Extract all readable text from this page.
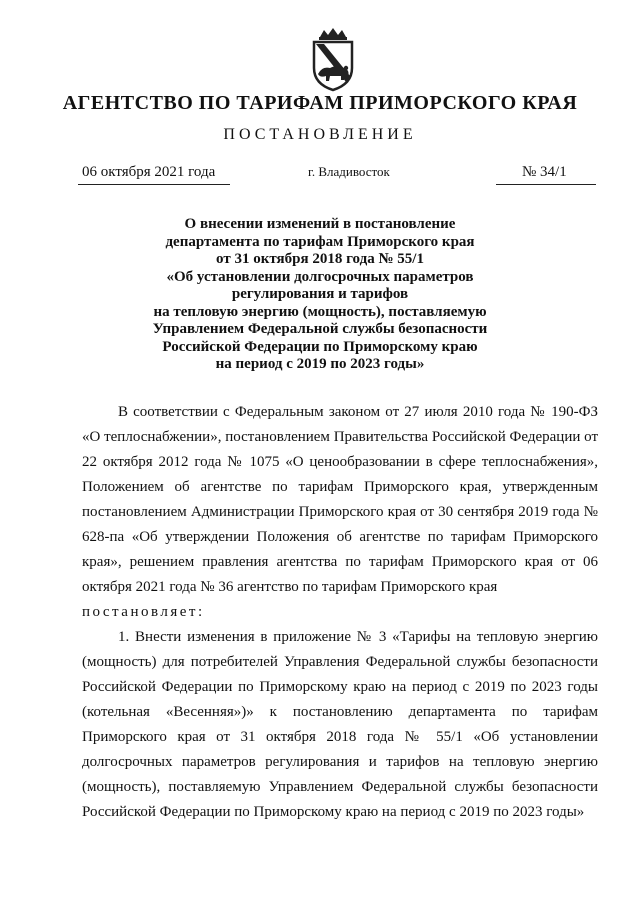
АГЕНТСТВО ПО ТАРИФАМ ПРИМОРСКОГО КРАЯ
ПОСТАНОВЛЕНИЕ
06 октября 2021 года	г. Владивосток	№ 34/1
О внесении изменений в постановление
департамента по тарифам Приморского края
от 31 октября 2018 года № 55/1
«Об установлении долгосрочных параметров
регулирования и тарифов
на тепловую энергию (мощность), поставляемую
Управлением Федеральной службы безопасности
Российской Федерации по Приморскому краю
на период с 2019 по 2023 годы»

В соответствии с Федеральным законом от 27 июля 2010 года № 190-ФЗ «О теплоснабжении», постановлением Правительства Российской Федерации от 22 октября 2012 года № 1075 «О ценообразовании в сфере теплоснабжения», Положением об агентстве по тарифам Приморского края, утвержденным постановлением Администрации Приморского края от 30 сентября 2019 года № 628-па «Об утверждении Положения об агентстве по тарифам Приморского края», решением правления агентства по тарифам Приморского края от 06 октября 2021 года № 36 агентство по тарифам Приморского края

постановляет:

1. Внести изменения в приложение № 3 «Тарифы на тепловую энергию (мощность) для потребителей Управления Федеральной службы безопасности Российской Федерации по Приморскому краю на период с 2019 по 2023 годы (котельная «Весенняя»)» к постановлению департамента по тарифам Приморского края от 31 октября 2018 года № 55/1 «Об установлении долгосрочных параметров регулирования и тарифов на тепловую энергию (мощность), поставляемую Управлением Федеральной службы безопасности Российской Федерации по Приморскому краю на период с 2019 по 2023 годы»
